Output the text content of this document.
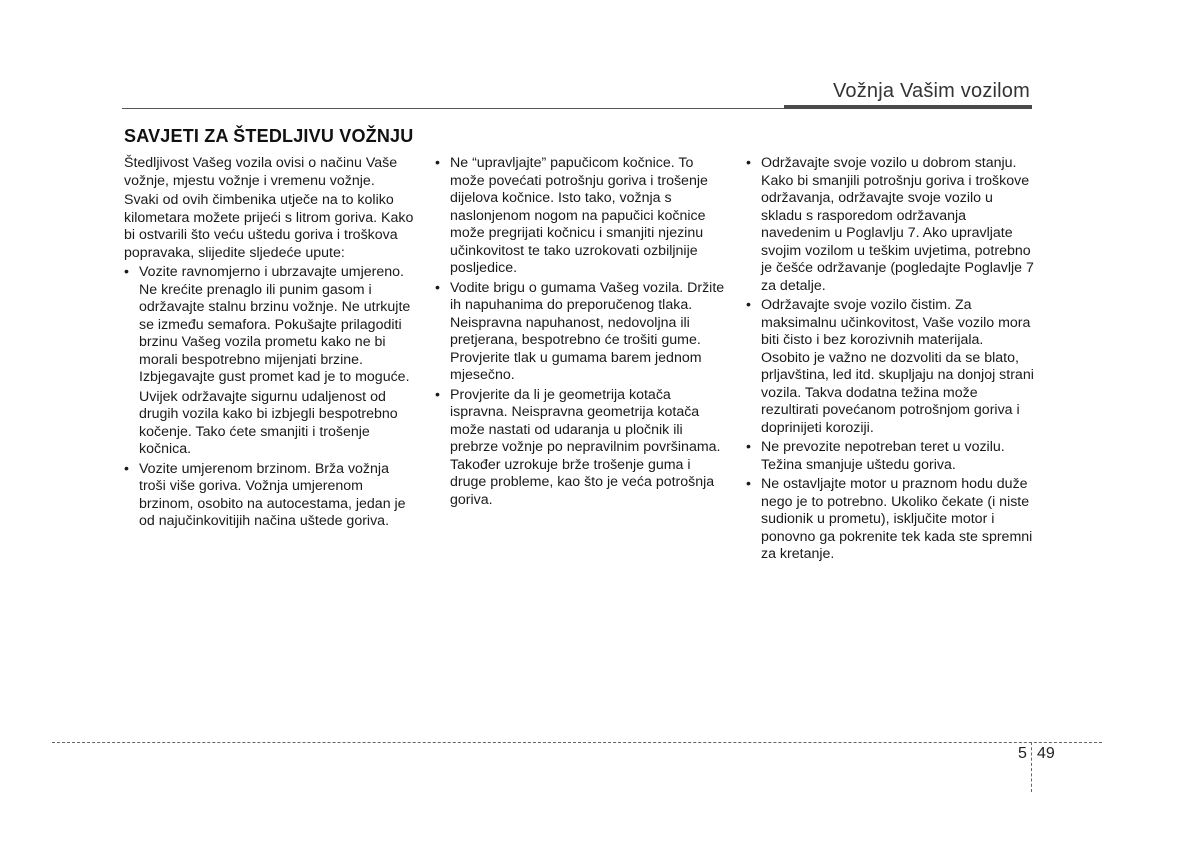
Vožnja Vašim vozilom
SAVJETI ZA ŠTEDLJIVU VOŽNJU

Štedljivost Vašeg vozila ovisi o načinu Vaše vožnje, mjestu vožnje i vremenu vožnje.

Svaki od ovih čimbenika utječe na to koliko kilometara možete prijeći s litrom goriva. Kako bi ostvarili što veću uštedu goriva i troškova popravaka, slijedite sljedeće upute:

• Vozite ravnomjerno i ubrzavajte umjereno. Ne krećite prenaglo ili punim gasom i održavajte stalnu brzinu vožnje. Ne utrkujte se između semafora. Pokušajte prilagoditi brzinu Vašeg vozila prometu kako ne bi morali bespotrebno mijenjati brzine. Izbjegavajte gust promet kad je to moguće.

Uvijek održavajte sigurnu udaljenost od drugih vozila kako bi izbjegli bespotrebno kočenje. Tako ćete smanjiti i trošenje kočnica.

• Vozite umjerenom brzinom. Brža vožnja troši više goriva. Vožnja umjerenom brzinom, osobito na autocestama, jedan je od najučinkovitijih načina uštede goriva.

• Ne “upravljajte” papučicom kočnice. To može povećati potrošnju goriva i trošenje dijelova kočnice. Isto tako, vožnja s naslonjenom nogom na papučici kočnice može pregrijati kočnicu i smanjiti njezinu učinkovitost te tako uzrokovati ozbiljnije posljedice.

• Vodite brigu o gumama Vašeg vozila. Držite ih napuhanima do preporučenog tlaka. Neispravna napuhanost, nedovoljna ili pretjerana, bespotrebno će trošiti gume. Provjerite tlak u gumama barem jednom mjesečno.

• Provjerite da li je geometrija kotača ispravna. Neispravna geometrija kotača može nastati od udaranja u pločnik ili prebrze vožnje po nepravilnim površinama. Također uzrokuje brže trošenje guma i druge probleme, kao što je veća potrošnja goriva.

• Održavajte svoje vozilo u dobrom stanju. Kako bi smanjili potrošnju goriva i troškove održavanja, održavajte svoje vozilo u skladu s rasporedom održavanja navedenim u Poglavlju 7. Ako upravljate svojim vozilom u teškim uvjetima, potrebno je češće održavanje (pogledajte Poglavlje 7 za detalje.

• Održavajte svoje vozilo čistim. Za maksimalnu učinkovitost, Vaše vozilo mora biti čisto i bez korozivnih materijala. Osobito je važno ne dozvoliti da se blato, prljavština, led itd. skupljaju na donjoj strani vozila. Takva dodatna težina može rezultirati povećanom potrošnjom goriva i doprinijeti koroziji.

• Ne prevozite nepotreban teret u vozilu. Težina smanjuje uštedu goriva.

• Ne ostavljajte motor u praznom hodu duže nego je to potrebno. Ukoliko čekate (i niste sudionik u prometu), isključite motor i ponovno ga pokrenite tek kada ste spremni za kretanje.

5 49
